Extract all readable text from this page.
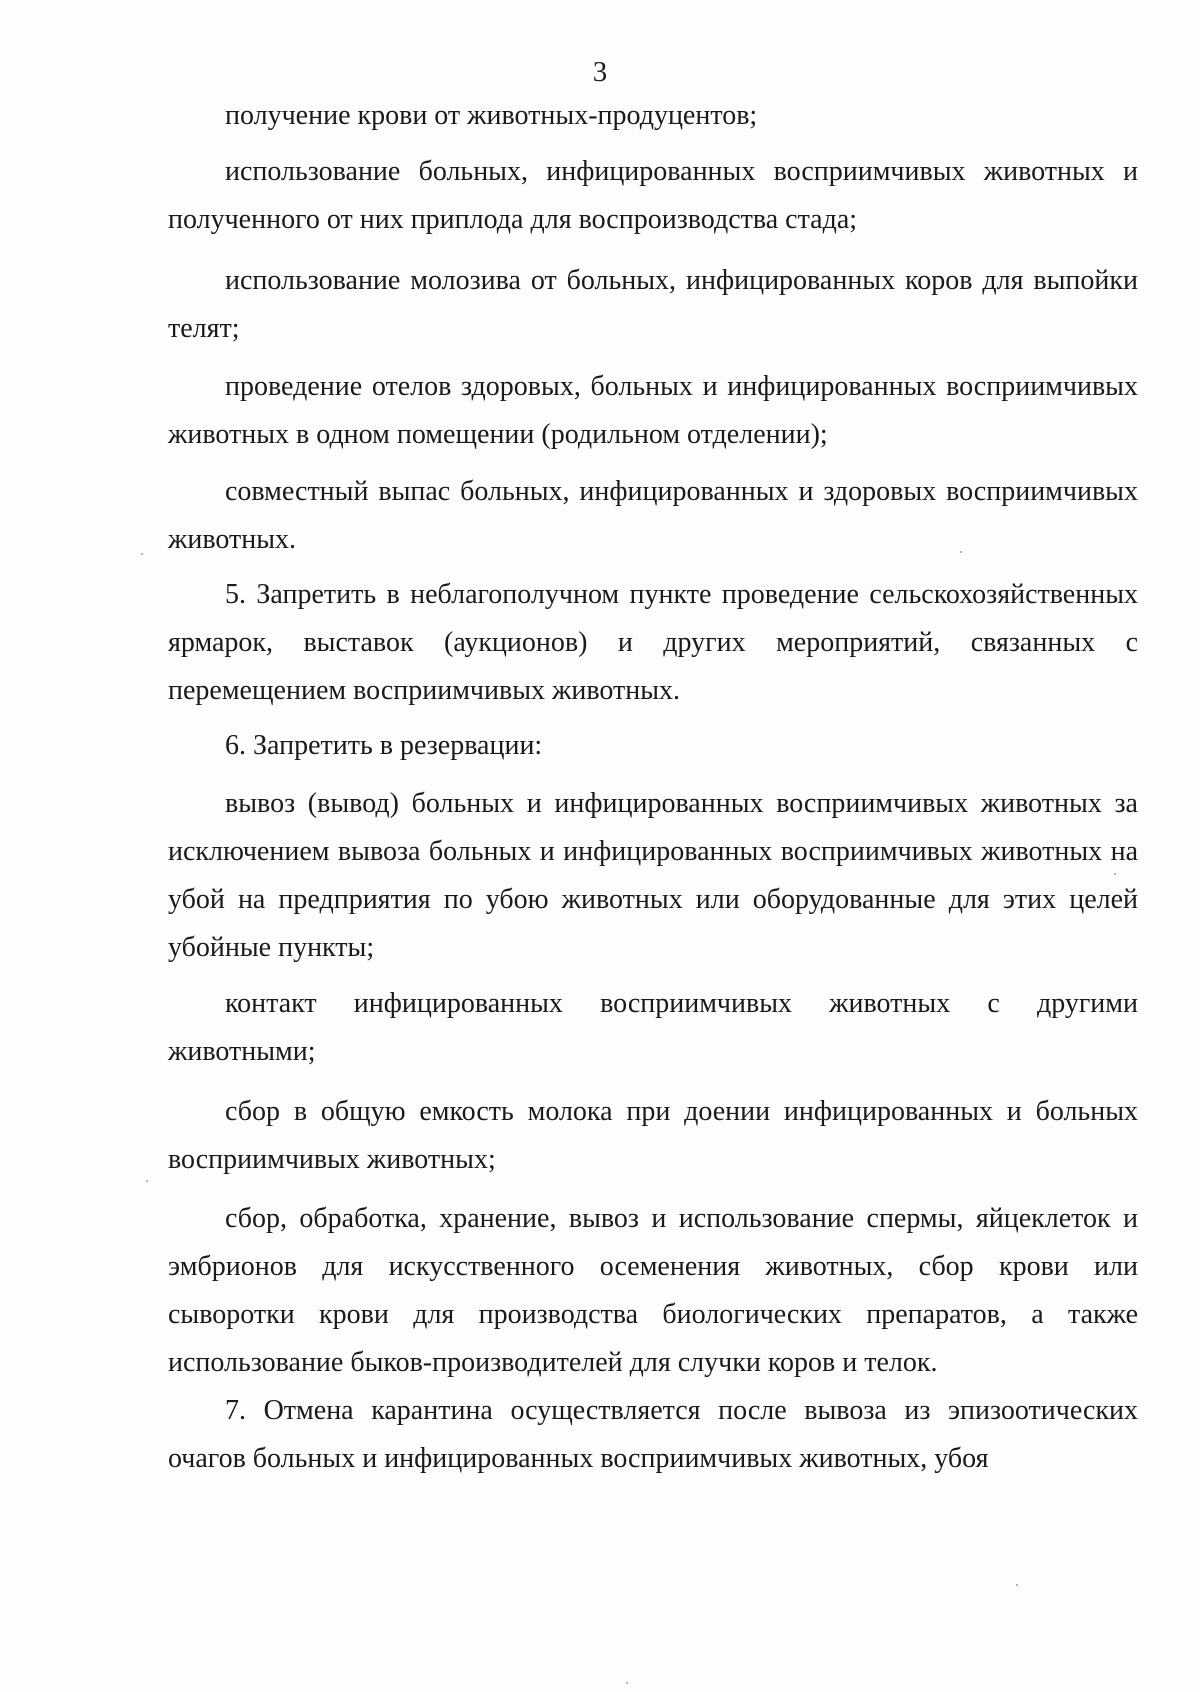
3

получение крови от животных-продуцентов;

использование больных, инфицированных восприимчивых животных и полученного от них приплода для воспроизводства стада;

использование молозива от больных, инфицированных коров для выпойки телят;

проведение отелов здоровых, больных и инфицированных восприимчивых животных в одном помещении (родильном отделении);

совместный выпас больных, инфицированных и здоровых восприимчивых животных.

5. Запретить в неблагополучном пункте проведение сельскохозяйственных ярмарок, выставок (аукционов) и других мероприятий, связанных с перемещением восприимчивых животных.

6. Запретить в резервации:

вывоз (вывод) больных и инфицированных восприимчивых животных за исключением вывоза больных и инфицированных восприимчивых животных на убой на предприятия по убою животных или оборудованные для этих целей убойные пункты;

контакт инфицированных восприимчивых животных с другими животными;

сбор в общую емкость молока при доении инфицированных и больных восприимчивых животных;

сбор, обработка, хранение, вывоз и использование спермы, яйцеклеток и эмбрионов для искусственного осеменения животных, сбор крови или сыворотки крови для производства биологических препаратов, а также использование быков-производителей для случки коров и телок.

7. Отмена карантина осуществляется после вывоза из эпизоотических очагов больных и инфицированных восприимчивых животных, убоя
